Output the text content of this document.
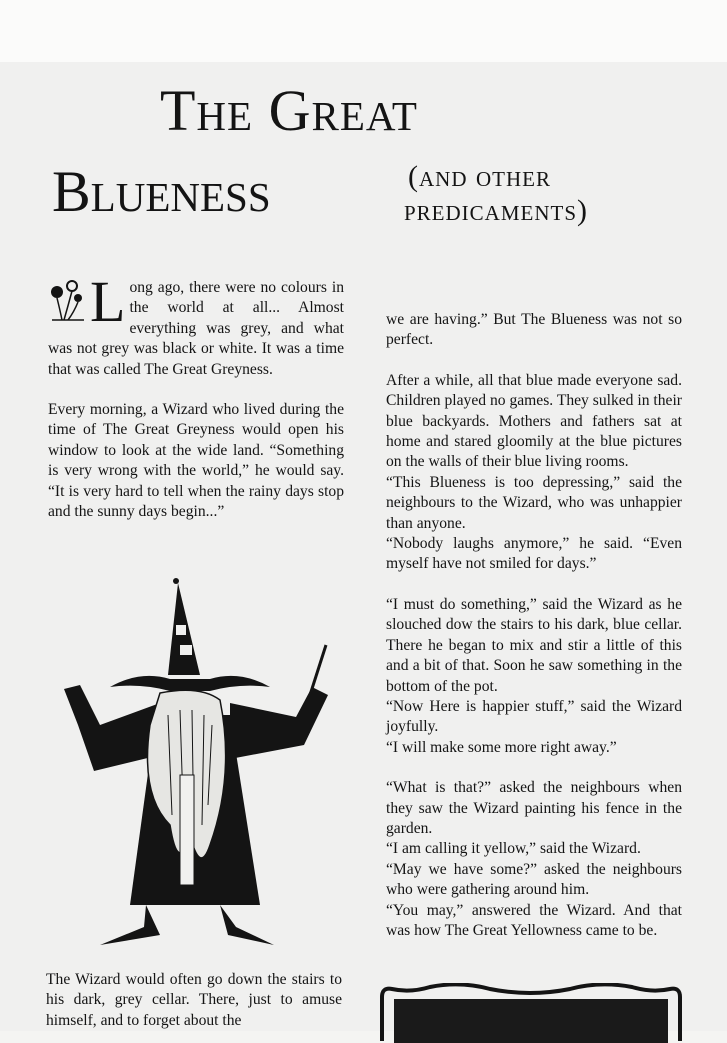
The Great
Blueness	(and other
predicaments)

L ong ago, there were no colours in the world at all... Almost everything was grey, and what was not grey was black or white. It was a time that was called The Great Greyness.

Every morning, a Wizard who lived during the time of The Great Greyness would open his window to look at the wide land. “Something is very wrong with the world,” he would say. “It is very hard to tell when the rainy days stop and the sunny days begin...”

The Wizard would often go down the stairs to his dark, grey cellar. There, just to amuse himself, and to forget about the

we are having.” But The Blueness was not so perfect.

After a while, all that blue made everyone sad. Children played no games. They sulked in their blue backyards. Mothers and fathers sat at home and stared gloomily at the blue pictures on the walls of their blue living rooms.

“This Blueness is too depressing,” said the neighbours to the Wizard, who was unhappier than anyone.

“Nobody laughs anymore,” he said. “Even myself have not smiled for days.”

“I must do something,” said the Wizard as he slouched dow the stairs to his dark, blue cellar. There he began to mix and stir a little of this and a bit of that. Soon he saw something in the bottom of the pot.

“Now Here is happier stuff,” said the Wizard joyfully.

“I will make some more right away.”

“What is that?” asked the neighbours when they saw the Wizard painting his fence in the garden.

“I am calling it yellow,” said the Wizard.

“May we have some?” asked the neighbours who were gathering around him.

“You may,” answered the Wizard. And that was how The Great Yellowness came to be.
